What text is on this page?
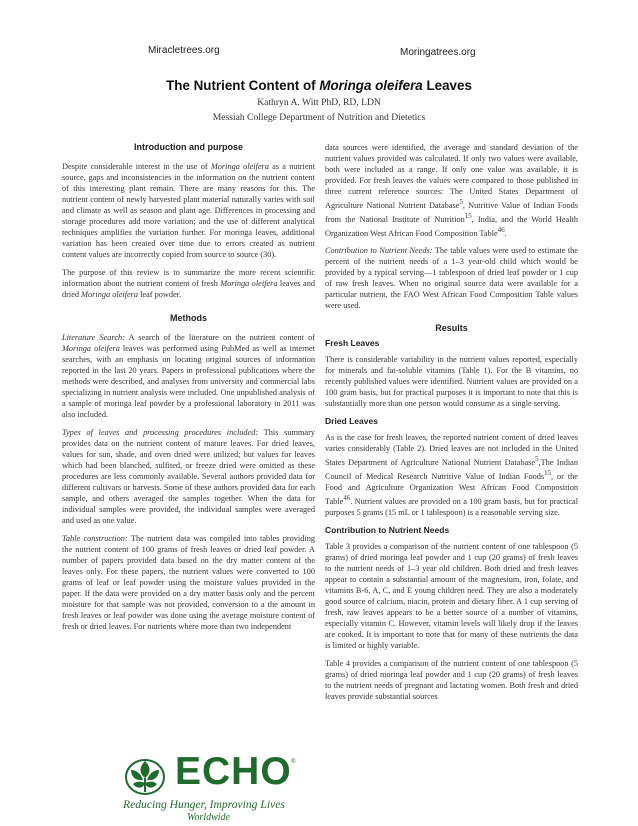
Miracletrees.org	Moringatrees.org
The Nutrient Content of Moringa oleifera Leaves
Kathryn A. Witt PhD, RD, LDN
Messiah College Department of Nutrition and Dietetics
Introduction and purpose

Despite considerable interest in the use of Moringa oleifera as a nutrient source, gaps and inconsistencies in the information on the nutrient content of this interesting plant remain. There are many reasons for this. The nutrient content of newly harvested plant material naturally varies with soil and climate as well as season and plant age. Differences in processing and storage procedures add more variation; and the use of different analytical techniques amplifies the variation further. For moringa leaves, additional variation has been created over time due to errors created as nutrient content values are incorrectly copied from source to source (30).

The purpose of this review is to summarize the more recent scientific information about the nutrient content of fresh Moringa oleifera leaves and dried Moringa oleifera leaf powder.

Methods

Literature Search: A search of the literature on the nutrient content of Moringa oleifera leaves was performed using PubMed as well as internet searches, with an emphasis on locating original sources of information reported in the last 20 years. Papers in professional publications where the methods were described, and analyses from university and commercial labs specializing in nutrient analysis were included. One unpublished analysis of a sample of moringa leaf powder by a professional laboratory in 2011 was also included.

Types of leaves and processing procedures included: This summary provides data on the nutrient content of mature leaves. For dried leaves, values for sun, shade, and oven dried were utilized; but values for leaves which had been blanched, sulfited, or freeze dried were omitted as these procedures are less commonly available. Several authors provided data for different cultivars or harvests. Some of these authors provided data for each sample, and others averaged the samples together. When the data for individual samples were provided, the individual samples were averaged and used as one value.

Table construction: The nutrient data was compiled into tables providing the nutrient content of 100 grams of fresh leaves or dried leaf powder. A number of papers provided data based on the dry matter content of the leaves only. For these papers, the nutrient values were converted to 100 grams of leaf or leaf powder using the moisture values provided in the paper. If the data were provided on a dry matter basis only and the percent moisture for that sample was not provided, conversion to a the amount in fresh leaves or leaf powder was done using the average moisture content of fresh or dried leaves. For nutrients where more than two independent

data sources were identified, the average and standard deviation of the nutrient values provided was calculated. If only two values were available, both were included as a range. If only one value was available, it is provided. For fresh leaves the values were compared to those published in three current reference sources: The United States Department of Agriculture National Nutrient Database$^5$, Nutritive Value of Indian Foods from the National Institute of Nutrition$^{15}$, India, and the World Health Organization West African Food Composition Table$^{46}$.

Contribution to Nutrient Needs: The table values were used to estimate the percent of the nutrient needs of a 1–3 year-old child which would be provided by a typical serving—1 tablespoon of dried leaf powder or 1 cup of raw fresh leaves. When no original source data were available for a particular nutrient, the FAO West African Food Composition Table values were used.

Results
Fresh Leaves

There is considerable variability in the nutrient values reported, especially for minerals and fat-soluble vitamins (Table 1). For the B vitamins, no recently published values were identified. Nutrient values are provided on a 100 gram basis, but for practical purposes it is important to note that this is substantially more than one person would consume as a single serving.

Dried Leaves

As is the case for fresh leaves, the reported nutrient content of dried leaves varies considerably (Table 2). Dried leaves are not included in the United States Department of Agriculture National Nutrient Database$^5$,The Indian Council of Medical Research Nutritive Value of Indian Foods$^{15}$, or the Food and Agriculture Organization West African Food Composition Table$^{46}$. Nutrient values are provided on a 100 gram basis, but for practical purposes 5 grams (15 mL or 1 tablespoon) is a reasonable serving size.

Contribution to Nutrient Needs

Table 3 provides a comparison of the nutrient content of one tablespoon (5 grams) of dried moringa leaf powder and 1 cup (20 grams) of fresh leaves to the nutrient needs of 1–3 year old children. Both dried and fresh leaves appear to contain a substantial amount of the magnesium, iron, folate, and vitamins B-6, A, C, and E young children need. They are also a moderately good source of calcium, niacin, protein and dietary fiber. A 1 cup serving of fresh, raw leaves appears to be a better source of a number of vitamins, especially vitamin C. However, vitamin levels will likely drop if the leaves are cooked. It is important to note that for many of these nutrients the data is limited or highly variable.

Table 4 provides a comparison of the nutrient content of one tablespoon (5 grams) of dried moringa leaf powder and 1 cup (20 grams) of fresh leaves to the nutrient needs of pregnant and lactating women. Both fresh and dried leaves provide substantial sources

ECHO ®
Reducing Hunger, Improving Lives
Worldwide
